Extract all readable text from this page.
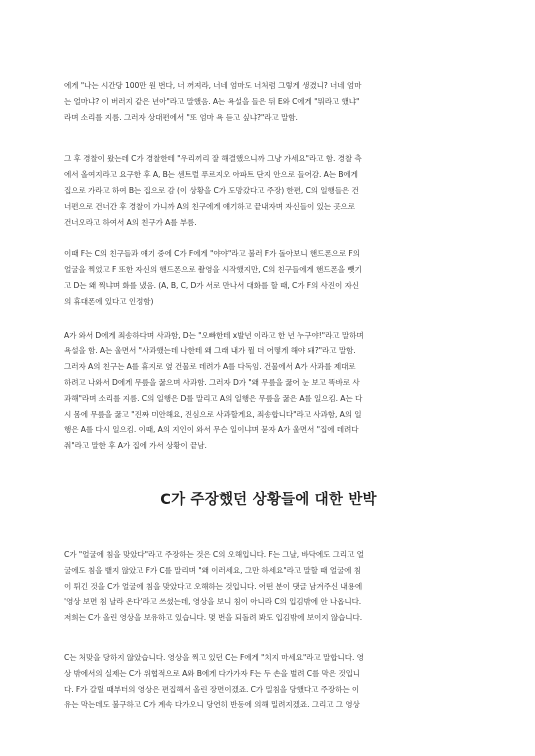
에게 "나는 시간당 100만 원 번다, 너 꺼져라, 너네 엄마도 너처럼 그렇게 생겼니? 너네 엄마
는 얼마냐? 이 버러지 같은 년아"라고 말했음. A는 욕설을 들은 뒤 E와 C에게 "뭐라고 했냐"
라며 소리를 지름. 그러자 상대편에서 "또 엄마 욕 듣고 싶냐?"라고 말함.
그 후 경찰이 왔는데 C가 경찰한테 "우리끼리 잘 해결했으니까 그냥 가세요"라고 함. 경찰 측
에서 올여지라고 요구한 후 A, B는 센트럴 푸르지오 아파트 단지 안으로 들어감. A는 B에게
집으로 가라고 하여 B는 집으로 감 (이 상황을 C가 도망갔다고 주장) 한편, C의 일행들은 건
너편으로 건너간 후 경찰이 가니까 A의 친구에게 얘기하고 끝내자며 자신들이 있는 곳으로
건너오라고 하여서 A의 친구가 A를 부름.
이때 F는 C의 친구들과 얘기 중에 C가 F에게 "야야"라고 불러 F가 돌아보니 핸드폰으로 F의
얼굴을 찍었고 F 또한 자신의 핸드폰으로 촬영을 시작했지만, C의 친구들에게 핸드폰을 뺏기
고 D는 왜 찍냐며 화를 냈음. (A, B, C, D가 서로 만나서 대화를 할 때, C가 F의 사진이 자신
의 휴대폰에 있다고 인정함)
A가 와서 D에게 죄송하다며 사과함, D는 "오빠한테 x발년 이라고 한 년 누구야!"라고 말하며
욕설을 함. A는 울면서 "사과했는데 나한테 왜 그래 내가 뭘 더 어떻게 해야 돼?"라고 말함.
그러자 A의 친구는 A를 휴지로 옆 건물로 데려가 A를 다독임. 건물에서 A가 사과를 제대로
하려고 나와서 D에게 무릎을 꿇으며 사과함. 그러자 D가 "왜 무릎을 꿇어 눈 보고 똑바로 사
과해"라며 소리를 지름. C의 일행은 D를 말리고 A의 일행은 무릎을 꿇은 A를 일으킴. A는 다
시 몸에 무릎을 꿇고 "진짜 미안해요, 진심으로 사과할게요, 죄송합니다"라고 사과함, A의 일
행은 A를 다시 일으킴. 이때, A의 지인이 와서 무슨 일이냐며 묻자 A가 울면서 "집에 데려다
줘"라고 말한 후 A가 집에 가서 상황이 끝남.
C가 주장했던 상황들에 대한 반박
C가 "얼굴에 침을 맞았다"라고 주장하는 것은 C의 오해입니다. F는 그날, 바닥에도 그리고 얼
굴에도 침을 뱉지 않았고 F가 C를 말리며 "왜 이러세요, 그만 하세요"라고 말할 때 얼굴에 침
이 튀긴 것을 C가 얼굴에 침을 맞았다고 오해하는 것입니다. 어떤 분이 댓글 남겨주신 내용에
'영상 보면 침 날라 온다'라고 쓰셨는데, 영상을 보니 침이 아니라 C의 입김밖에 안 나옵니다.
저희는 C가 올린 영상을 보유하고 있습니다. 몇 번을 되돌려 봐도 입김밖에 보이지 않습니다.
C는 처맞을 당하지 않았습니다. 영상을 찍고 있던 C는 F에게 "치지 마세요"라고 말합니다. 영
상 밖에서의 실제는 C가 위협적으로 A와 B에게 다가가자 F는 두 손을 벌려 C를 막은 것입니
다. F가 갈릴 때부터의 영상은 편집해서 올린 장면이겠죠. C가 밀침을 당했다고 주장하는 이
유는 막는데도 불구하고 C가 계속 다가오니 당연히 반동에 의해 밀려지겠죠. 그리고 그 영상
